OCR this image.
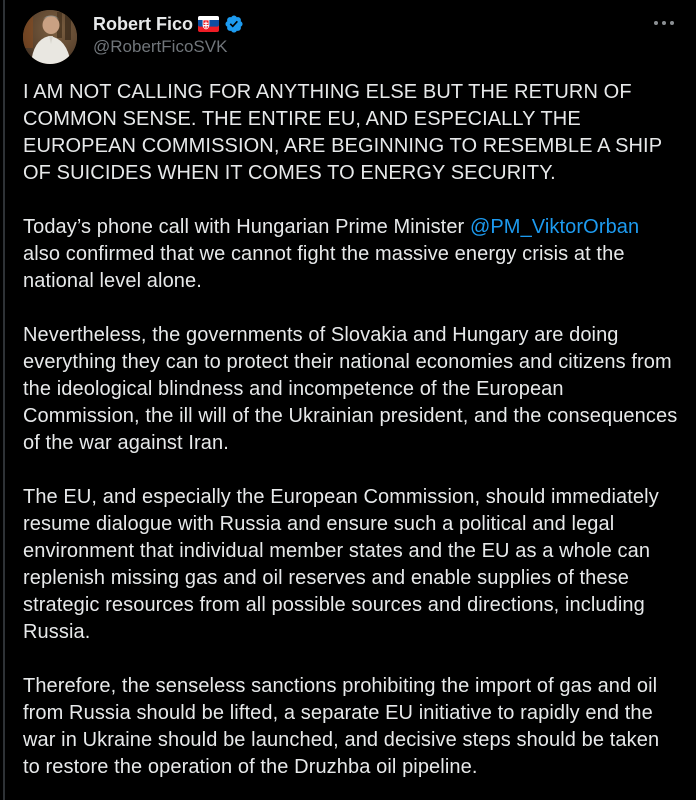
Robert Fico
@RobertFicoSVK

I AM NOT CALLING FOR ANYTHING ELSE BUT THE RETURN OF COMMON SENSE. THE ENTIRE EU, AND ESPECIALLY THE EUROPEAN COMMISSION, ARE BEGINNING TO RESEMBLE A SHIP OF SUICIDES WHEN IT COMES TO ENERGY SECURITY.

Today’s phone call with Hungarian Prime Minister @PM_ViktorOrban also confirmed that we cannot fight the massive energy crisis at the national level alone.

Nevertheless, the governments of Slovakia and Hungary are doing everything they can to protect their national economies and citizens from the ideological blindness and incompetence of the European Commission, the ill will of the Ukrainian president, and the consequences of the war against Iran.

The EU, and especially the European Commission, should immediately resume dialogue with Russia and ensure such a political and legal environment that individual member states and the EU as a whole can replenish missing gas and oil reserves and enable supplies of these strategic resources from all possible sources and directions, including Russia.

Therefore, the senseless sanctions prohibiting the import of gas and oil from Russia should be lifted, a separate EU initiative to rapidly end the war in Ukraine should be launched, and decisive steps should be taken to restore the operation of the Druzhba oil pipeline.
